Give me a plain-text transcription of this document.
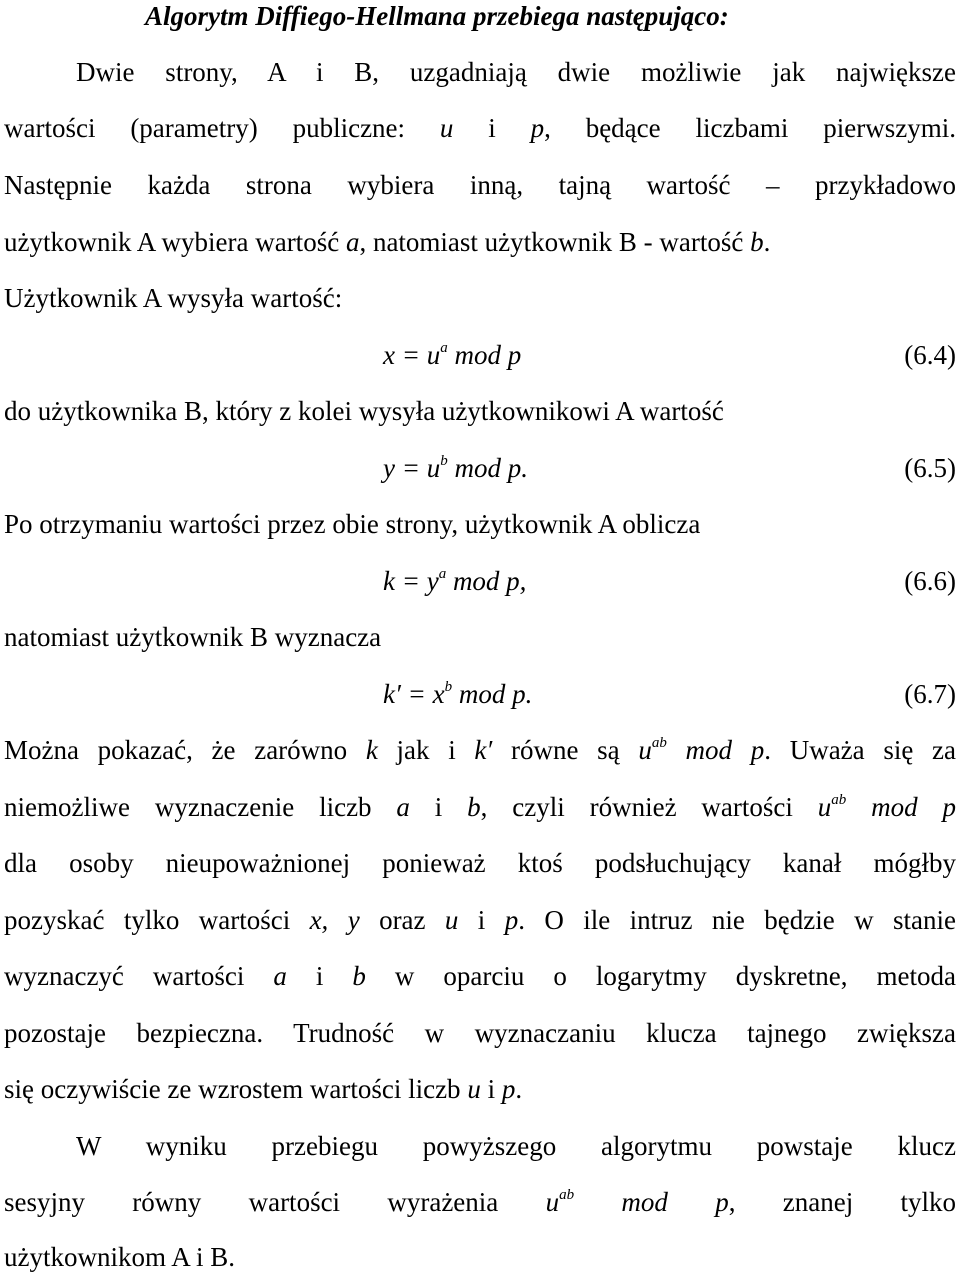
Algorytm Diffiego-Hellmana przebiega następująco:
Dwie strony, A i B, uzgadniają dwie możliwie jak największe
wartości (parametry) publiczne: u i p, będące liczbami pierwszymi.
Następnie każda strona wybiera inną, tajną wartość – przykładowo
użytkownik A wybiera wartość a, natomiast użytkownik B - wartość b.
Użytkownik A wysyła wartość:
$x = u^a$ mod p	(6.4)
do użytkownika B, który z kolei wysyła użytkownikowi A wartość
$y = u^b$ mod p.	(6.5)
Po otrzymaniu wartości przez obie strony, użytkownik A oblicza
$k = y^a$ mod p,	(6.6)
natomiast użytkownik B wyznacza
$k' = x^b$ mod p.	(6.7)
Można pokazać, że zarówno k jak i k′ równe są $u^{ab}$ mod p. Uważa się za
niemożliwe wyznaczenie liczb a i b, czyli również wartości $u^{ab}$ mod p
dla osoby nieupoważnionej ponieważ ktoś podsłuchujący kanał mógłby
pozyskać tylko wartości x, y oraz u i p. O ile intruz nie będzie w stanie
wyznaczyć wartości a i b w oparciu o logarytmy dyskretne, metoda
pozostaje bezpieczna. Trudność w wyznaczaniu klucza tajnego zwiększa
się oczywiście ze wzrostem wartości liczb u i p.
W wyniku przebiegu powyższego algorytmu powstaje klucz
sesyjny równy wartości wyrażenia $u^{ab}$ mod p, znanej tylko
użytkownikom A i B.
